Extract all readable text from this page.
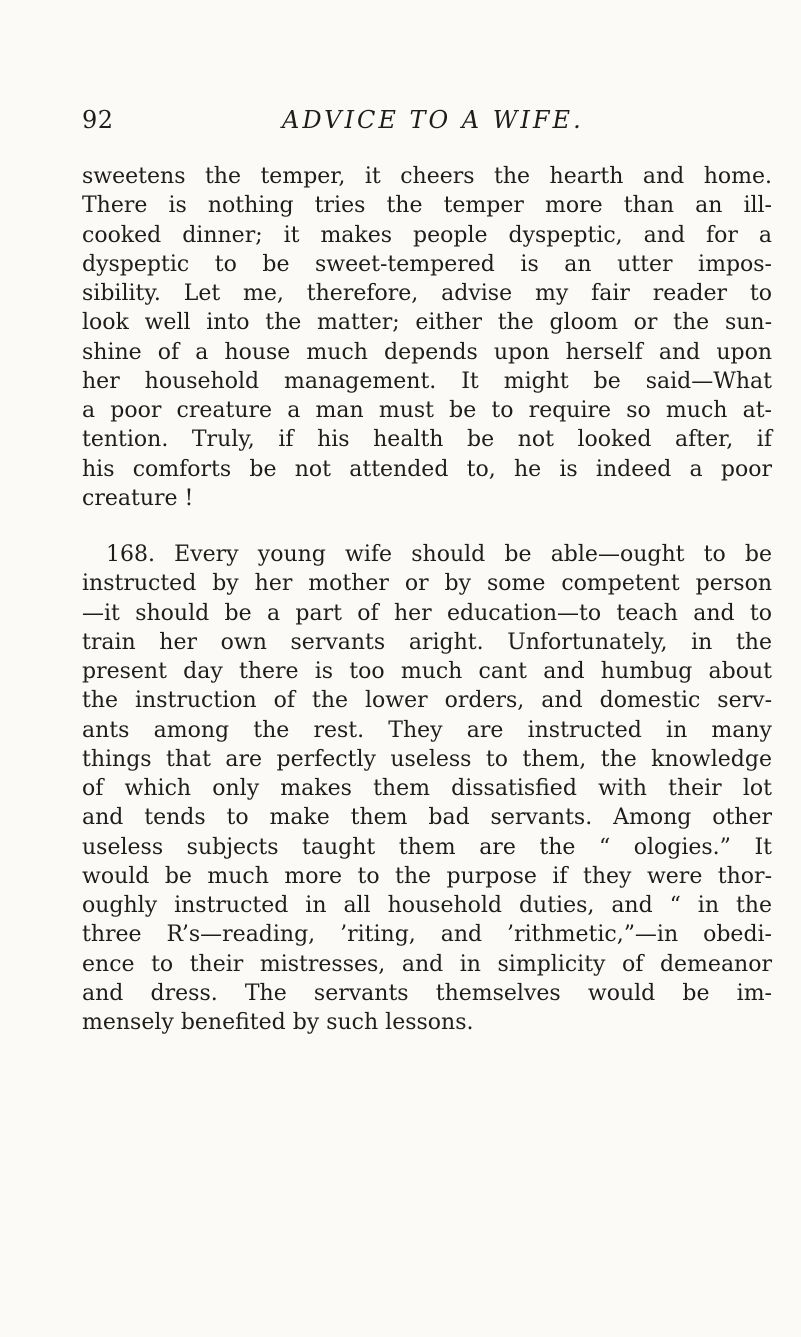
92	ADVICE TO A WIFE.
sweetens the temper, it cheers the hearth and home.
There is nothing tries the temper more than an ill-
cooked dinner; it makes people dyspeptic, and for a
dyspeptic to be sweet-tempered is an utter impos-
sibility. Let me, therefore, advise my fair reader to
look well into the matter; either the gloom or the sun-
shine of a house much depends upon herself and upon
her household management. It might be said—What
a poor creature a man must be to require so much at-
tention. Truly, if his health be not looked after, if
his comforts be not attended to, he is indeed a poor
creature !
168. Every young wife should be able—ought to be
instructed by her mother or by some competent person
—it should be a part of her education—to teach and to
train her own servants aright. Unfortunately, in the
present day there is too much cant and humbug about
the instruction of the lower orders, and domestic serv-
ants among the rest. They are instructed in many
things that are perfectly useless to them, the knowledge
of which only makes them dissatisfied with their lot
and tends to make them bad servants. Among other
useless subjects taught them are the “ ologies.” It
would be much more to the purpose if they were thor-
oughly instructed in all household duties, and “ in the
three R’s—reading, ’riting, and ’rithmetic,”—in obedi-
ence to their mistresses, and in simplicity of demeanor
and dress. The servants themselves would be im-
mensely benefited by such lessons.
